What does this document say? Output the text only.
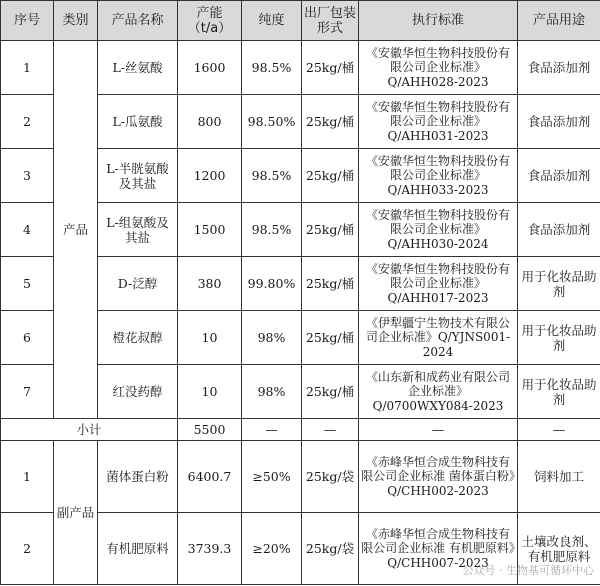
序号	类别	产品名称	产能（t/a）	纯度	出厂包装形式	执行标准	产品用途
1	产品	L-丝氨酸	1600	98.5%	25kg/桶	《安徽华恒生物科技股份有限公司企业标准》Q/AHH028-2023	食品添加剂
2		L-瓜氨酸	800	98.50%	25kg/桶	《安徽华恒生物科技股份有限公司企业标准》Q/AHH031-2023	食品添加剂
3		L-半胱氨酸及其盐	1200	98.5%	25kg/桶	《安徽华恒生物科技股份有限公司企业标准》Q/AHH033-2023	食品添加剂
4		L-组氨酸及其盐	1500	98.5%	25kg/桶	《安徽华恒生物科技股份有限公司企业标准》Q/AHH030-2024	食品添加剂
5		D-泛醇	380	99.80%	25kg/桶	《安徽华恒生物科技股份有限公司企业标准》Q/AHH017-2023	用于化妆品助剂
6		橙花叔醇	10	98%	25kg/桶	《伊犁疆宁生物技术有限公司企业标准》Q/YJNS001-2024	用于化妆品助剂
7		红没药醇	10	98%	25kg/桶	《山东新和成药业有限公司企业标准》Q/0700WXY084-2023	用于化妆品助剂
小计			5500	—	—	—	—
1	副产品	菌体蛋白粉	6400.7	≥50%	25kg/袋	《赤峰华恒合成生物科技有限公司企业标准 菌体蛋白粉》Q/CHH002-2023	饲料加工
2		有机肥原料	3739.3	≥20%	25kg/袋	《赤峰华恒合成生物科技有限公司企业标准 有机肥原料》Q/CHH007-2023	土壤改良剂、有机肥原料
公众号 · 生物基可循环中心
